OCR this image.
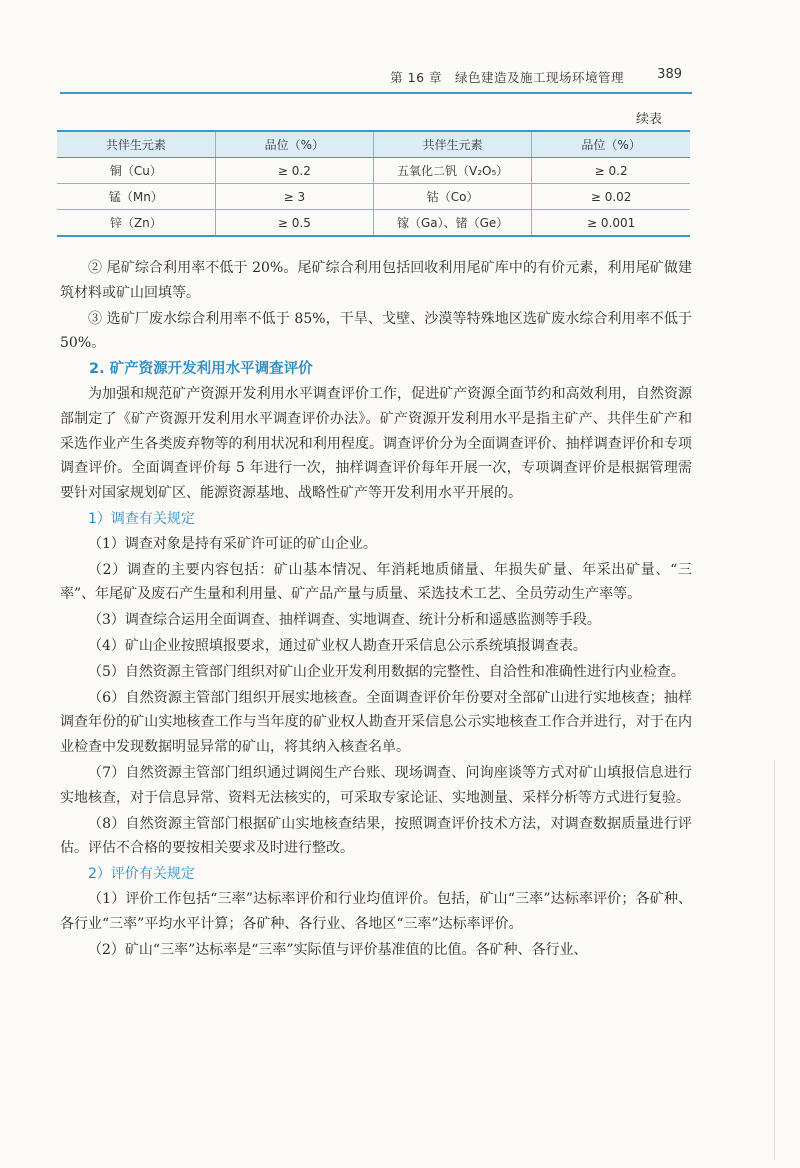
第 16 章　绿色建造及施工现场环境管理	389
续表
共伴生元素	品位（%）	共伴生元素	品位（%）
铜（Cu）	≥ 0.2	五氧化二钒（V₂O₅）	≥ 0.2
锰（Mn）	≥ 3	钴（Co）	≥ 0.02
锌（Zn）	≥ 0.5	镓（Ga）、锗（Ge）	≥ 0.001

② 尾矿综合利用率不低于 20%。尾矿综合利用包括回收利用尾矿库中的有价元素，利用尾矿做建筑材料或矿山回填等。

③ 选矿厂废水综合利用率不低于 85%，干旱、戈壁、沙漠等特殊地区选矿废水综合利用率不低于 50%。

2. 矿产资源开发利用水平调查评价

为加强和规范矿产资源开发利用水平调查评价工作，促进矿产资源全面节约和高效利用，自然资源部制定了《矿产资源开发利用水平调查评价办法》。矿产资源开发利用水平是指主矿产、共伴生矿产和采选作业产生各类废弃物等的利用状况和利用程度。调查评价分为全面调查评价、抽样调查评价和专项调查评价。全面调查评价每 5 年进行一次，抽样调查评价每年开展一次，专项调查评价是根据管理需要针对国家规划矿区、能源资源基地、战略性矿产等开发利用水平开展的。

1）调查有关规定

（1）调查对象是持有采矿许可证的矿山企业。

（2）调查的主要内容包括：矿山基本情况、年消耗地质储量、年损失矿量、年采出矿量、“三率”、年尾矿及废石产生量和利用量、矿产品产量与质量、采选技术工艺、全员劳动生产率等。

（3）调查综合运用全面调查、抽样调查、实地调查、统计分析和遥感监测等手段。

（4）矿山企业按照填报要求，通过矿业权人勘查开采信息公示系统填报调查表。

（5）自然资源主管部门组织对矿山企业开发利用数据的完整性、自洽性和准确性进行内业检查。

（6）自然资源主管部门组织开展实地核查。全面调查评价年份要对全部矿山进行实地核查；抽样调查年份的矿山实地核查工作与当年度的矿业权人勘查开采信息公示实地核查工作合并进行，对于在内业检查中发现数据明显异常的矿山，将其纳入核查名单。

（7）自然资源主管部门组织通过调阅生产台账、现场调查、问询座谈等方式对矿山填报信息进行实地核查，对于信息异常、资料无法核实的，可采取专家论证、实地测量、采样分析等方式进行复验。

（8）自然资源主管部门根据矿山实地核查结果，按照调查评价技术方法，对调查数据质量进行评估。评估不合格的要按相关要求及时进行整改。

2）评价有关规定

（1）评价工作包括“三率”达标率评价和行业均值评价。包括，矿山“三率”达标率评价；各矿种、各行业“三率”平均水平计算；各矿种、各行业、各地区“三率”达标率评价。

（2）矿山“三率”达标率是“三率”实际值与评价基准值的比值。各矿种、各行业、
